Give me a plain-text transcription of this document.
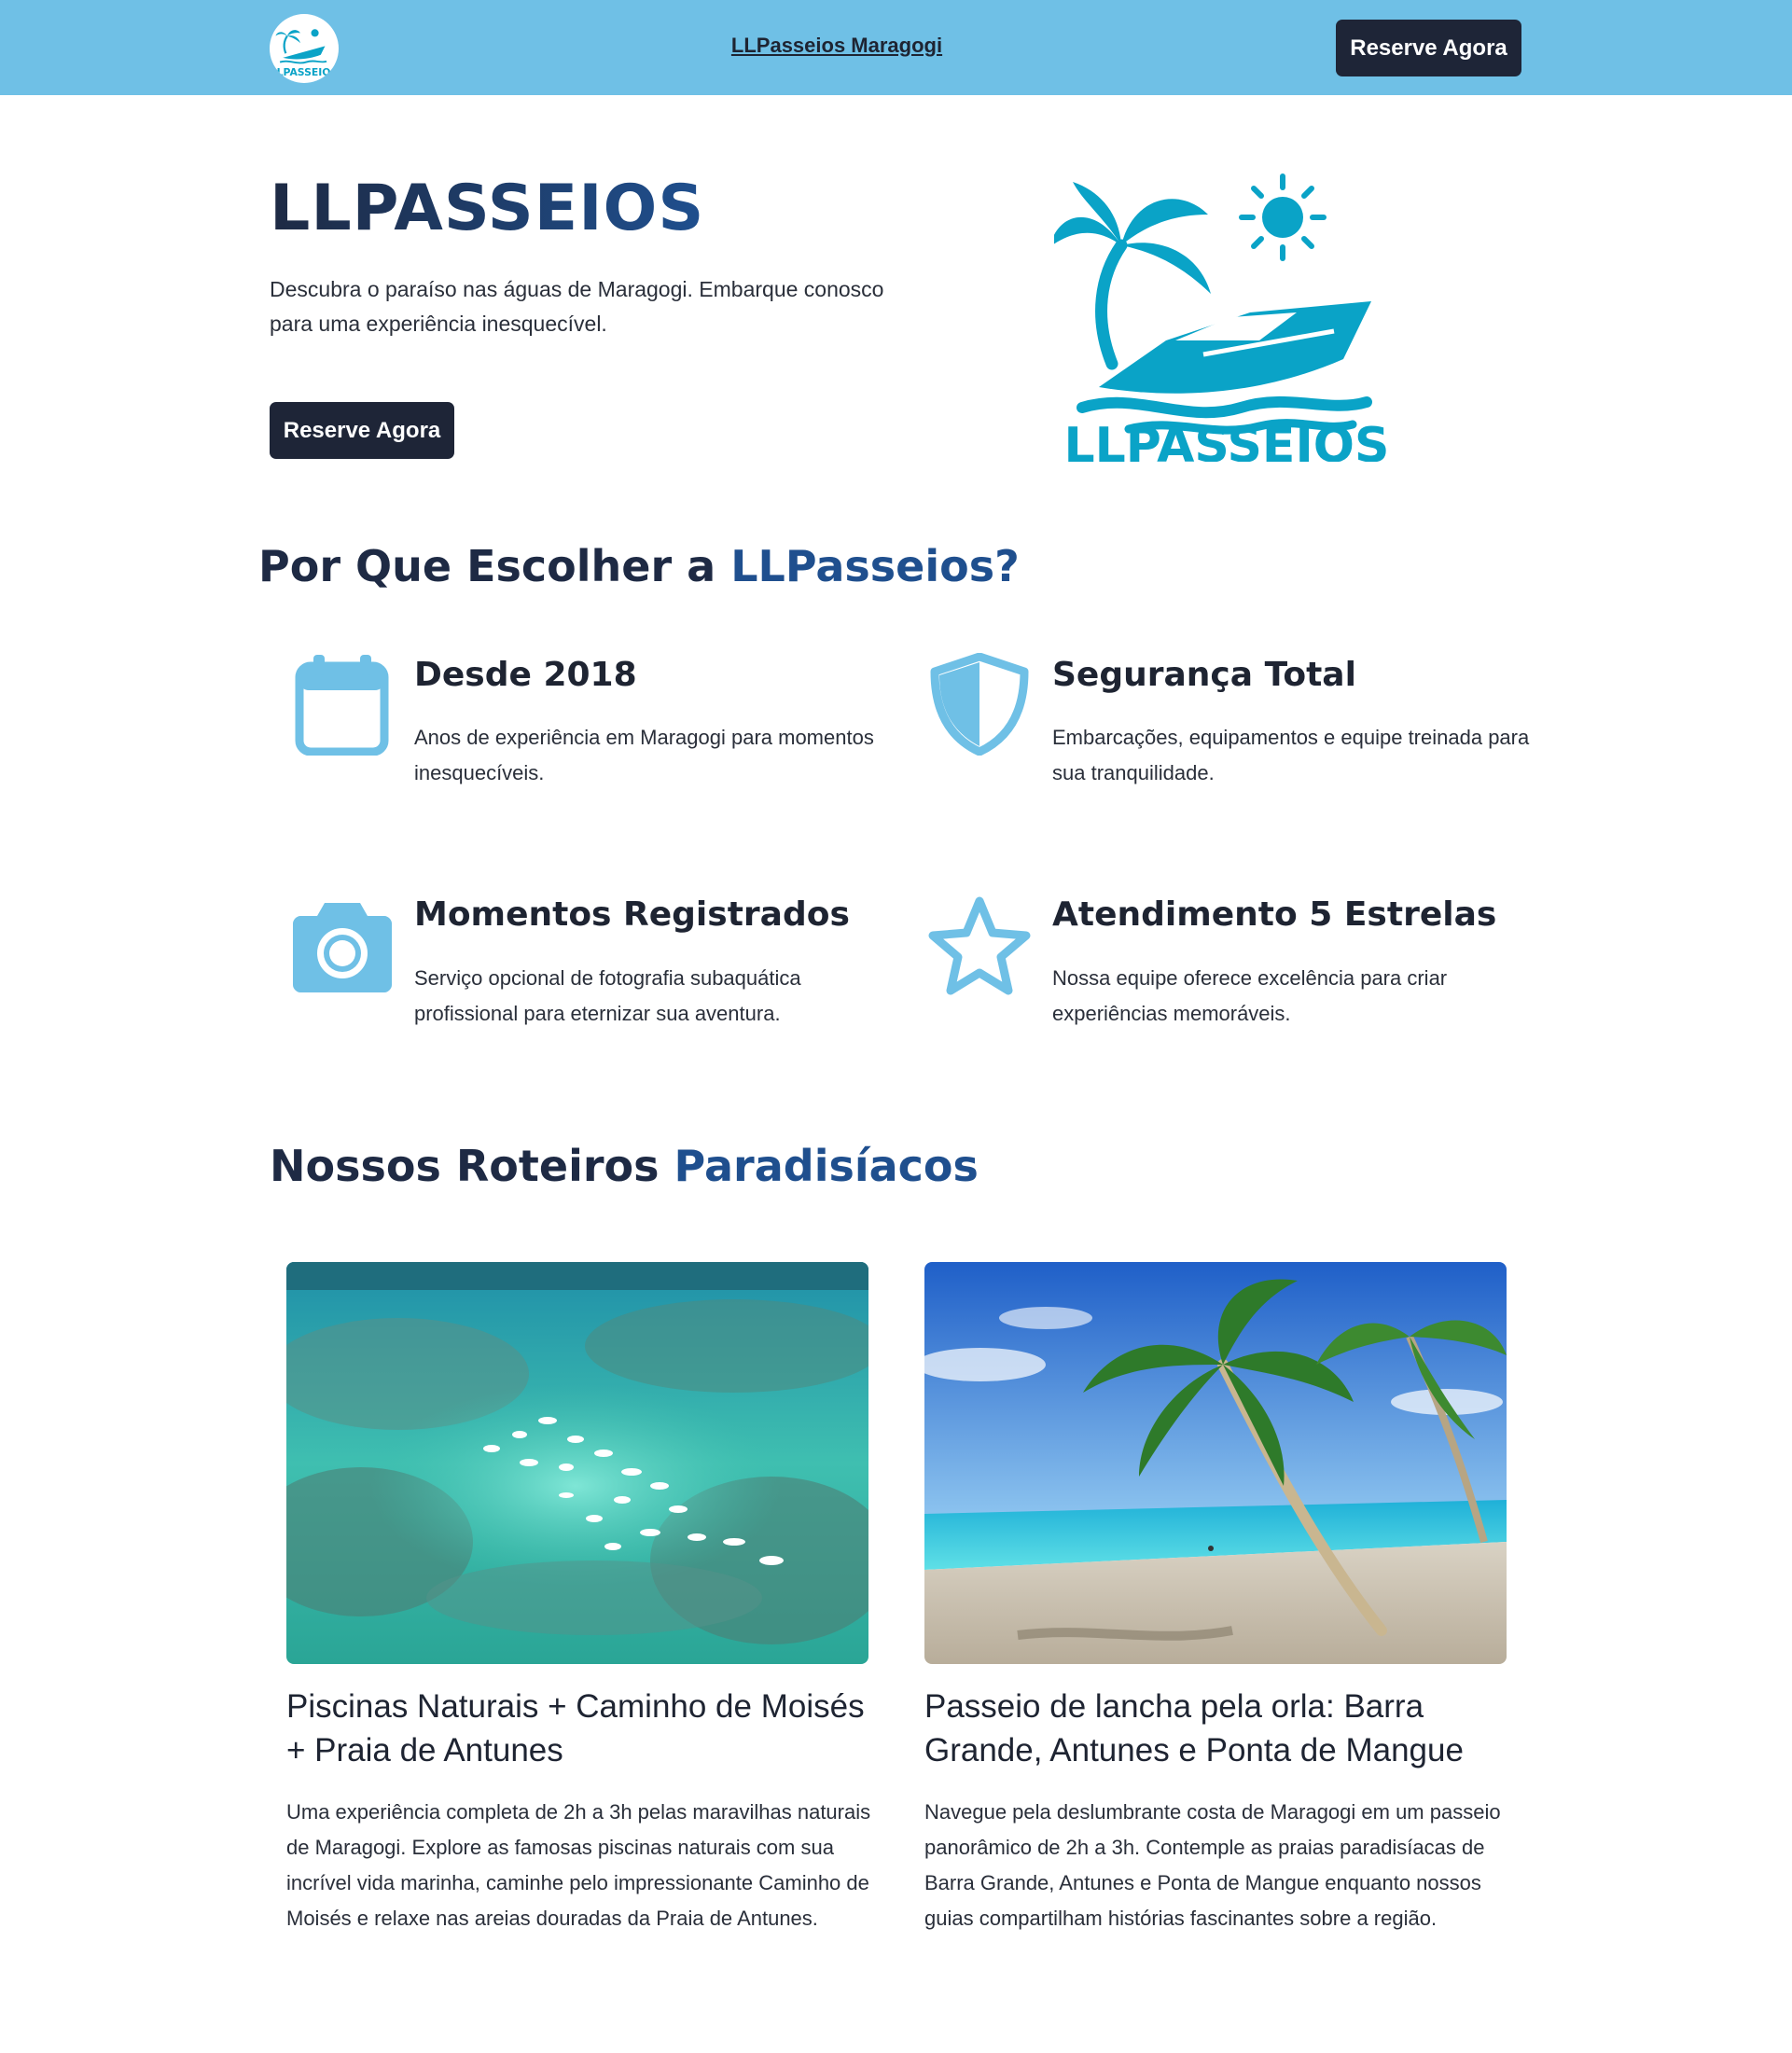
LLPASSEIOS
LLPasseios Maragogi	Reserve Agora
LLPASSEIOS

Descubra o paraíso nas águas de Maragogi. Embarque conosco para uma experiência inesquecível.

Reserve Agora	LLPASSEIOS
Por Que Escolher a LLPasseios?
Desde 2018

Anos de experiência em Maragogi para momentos inesquecíveis.

Segurança Total

Embarcações, equipamentos e equipe treinada para sua tranquilidade.

Momentos Registrados

Serviço opcional de fotografia subaquática profissional para eternizar sua aventura.

Atendimento 5 Estrelas

Nossa equipe oferece excelência para criar experiências memoráveis.

Nossos Roteiros Paradisíacos
Piscinas Naturais + Caminho de Moisés + Praia de Antunes

Uma experiência completa de 2h a 3h pelas maravilhas naturais de Maragogi. Explore as famosas piscinas naturais com sua incrível vida marinha, caminhe pelo impressionante Caminho de Moisés e relaxe nas areias douradas da Praia de Antunes.

Passeio de lancha pela orla: Barra Grande, Antunes e Ponta de Mangue

Navegue pela deslumbrante costa de Maragogi em um passeio panorâmico de 2h a 3h. Contemple as praias paradisíacas de Barra Grande, Antunes e Ponta de Mangue enquanto nossos guias compartilham histórias fascinantes sobre a região.
